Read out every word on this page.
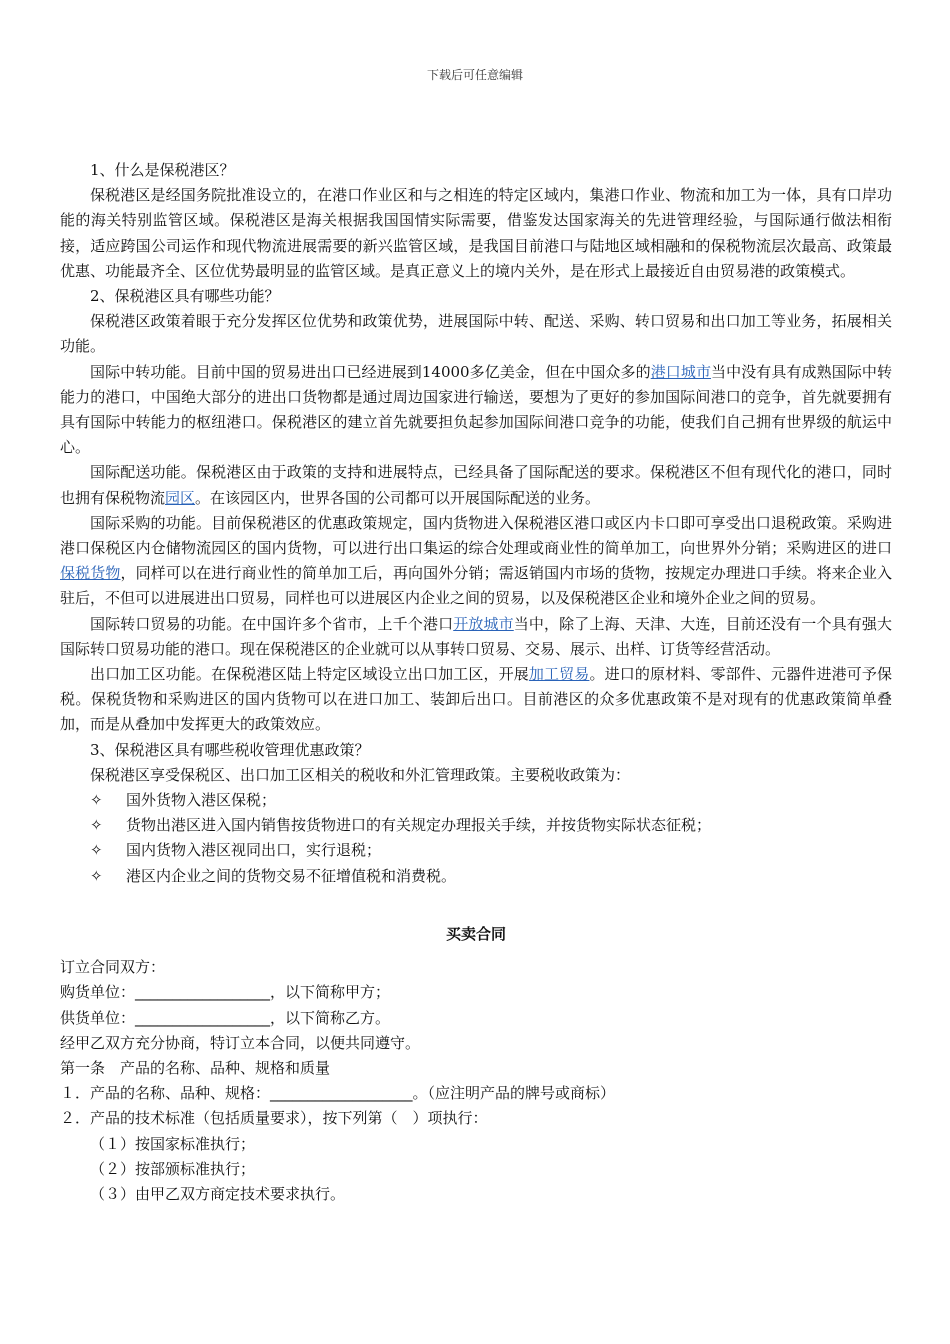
下载后可任意编辑

1、什么是保税港区？

保税港区是经国务院批准设立的，在港口作业区和与之相连的特定区域内，集港口作业、物流和加工为一体，具有口岸功能的海关特别监管区域。保税港区是海关根据我国国情实际需要，借鉴发达国家海关的先进管理经验，与国际通行做法相衔接，适应跨国公司运作和现代物流进展需要的新兴监管区域，是我国目前港口与陆地区域相融和的保税物流层次最高、政策最优惠、功能最齐全、区位优势最明显的监管区域。是真正意义上的境内关外，是在形式上最接近自由贸易港的政策模式。

2、保税港区具有哪些功能？

保税港区政策着眼于充分发挥区位优势和政策优势，进展国际中转、配送、采购、转口贸易和出口加工等业务，拓展相关功能。

国际中转功能。目前中国的贸易进出口已经进展到14000多亿美金，但在中国众多的港口城市当中没有具有成熟国际中转能力的港口，中国绝大部分的进出口货物都是通过周边国家进行输送，要想为了更好的参加国际间港口的竞争，首先就要拥有具有国际中转能力的枢纽港口。保税港区的建立首先就要担负起参加国际间港口竞争的功能，使我们自己拥有世界级的航运中心。

国际配送功能。保税港区由于政策的支持和进展特点，已经具备了国际配送的要求。保税港区不但有现代化的港口，同时也拥有保税物流园区。在该园区内，世界各国的公司都可以开展国际配送的业务。

国际采购的功能。目前保税港区的优惠政策规定，国内货物进入保税港区港口或区内卡口即可享受出口退税政策。采购进港口保税区内仓储物流园区的国内货物，可以进行出口集运的综合处理或商业性的简单加工，向世界外分销；采购进区的进口保税货物，同样可以在进行商业性的简单加工后，再向国外分销；需返销国内市场的货物，按规定办理进口手续。将来企业入驻后，不但可以进展进出口贸易，同样也可以进展区内企业之间的贸易，以及保税港区企业和境外企业之间的贸易。

国际转口贸易的功能。在中国许多个省市，上千个港口开放城市当中，除了上海、天津、大连，目前还没有一个具有强大国际转口贸易功能的港口。现在保税港区的企业就可以从事转口贸易、交易、展示、出样、订货等经营活动。

出口加工区功能。在保税港区陆上特定区域设立出口加工区，开展加工贸易。进口的原材料、零部件、元器件进港可予保税。保税货物和采购进区的国内货物可以在进口加工、装卸后出口。目前港区的众多优惠政策不是对现有的优惠政策简单叠加，而是从叠加中发挥更大的政策效应。

3、保税港区具有哪些税收管理优惠政策？

保税港区享受保税区、出口加工区相关的税收和外汇管理政策。主要税收政策为：

✧ 国外货物入港区保税；

✧ 货物出港区进入国内销售按货物进口的有关规定办理报关手续，并按货物实际状态征税；

✧ 国内货物入港区视同出口，实行退税；

✧ 港区内企业之间的货物交易不征增值税和消费税。

买卖合同

订立合同双方：

购货单位：__________________，以下简称甲方；

供货单位：__________________，以下简称乙方。

经甲乙双方充分协商，特订立本合同，以便共同遵守。

第一条　产品的名称、品种、规格和质量

１．产品的名称、品种、规格：___________________。（应注明产品的牌号或商标）

２．产品的技术标准（包括质量要求），按下列第（　）项执行：

（１）按国家标准执行；

（２）按部颁标准执行；

（３）由甲乙双方商定技术要求执行。
